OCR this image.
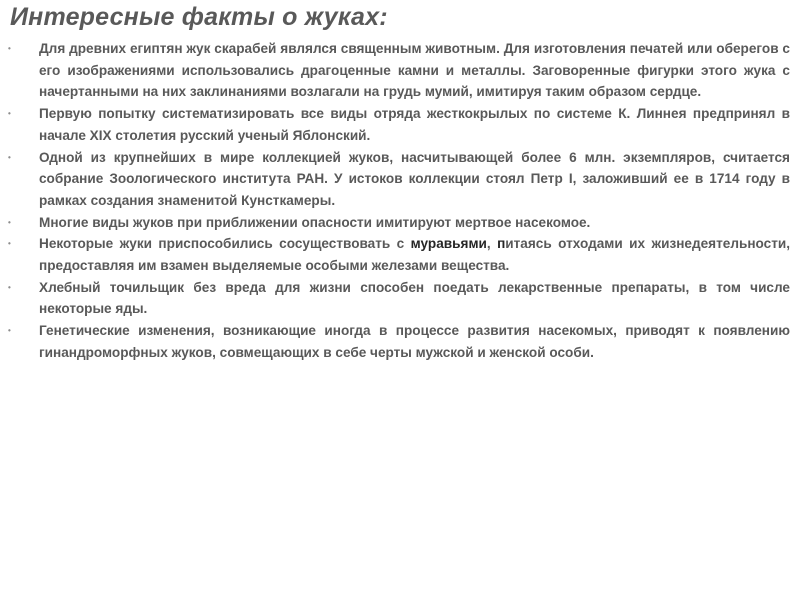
Интересные факты о жуках:
• Для древних египтян жук скарабей являлся священным животным. Для изготовления печатей или оберегов с его изображениями использовались драгоценные камни и металлы. Заговоренные фигурки этого жука с начертанными на них заклинаниями возлагали на грудь мумий, имитируя таким образом сердце.
• Первую попытку систематизировать все виды отряда жесткокрылых по системе К. Линнея предпринял в начале XIX столетия русский ученый Яблонский.
• Одной из крупнейших в мире коллекцией жуков, насчитывающей более 6 млн. экземпляров, считается собрание Зоологического института РАН. У истоков коллекции стоял Петр I, заложивший ее в 1714 году в рамках создания знаменитой Кунсткамеры.
• Многие виды жуков при приближении опасности имитируют мертвое насекомое.
• Некоторые жуки приспособились сосуществовать с муравьями, питаясь отходами их жизнедеятельности, предоставляя им взамен выделяемые особыми железами вещества.
• Хлебный точильщик без вреда для жизни способен поедать лекарственные препараты, в том числе некоторые яды.
• Генетические изменения, возникающие иногда в процессе развития насекомых, приводят к появлению гинандроморфных жуков, совмещающих в себе черты мужской и женской особи.
